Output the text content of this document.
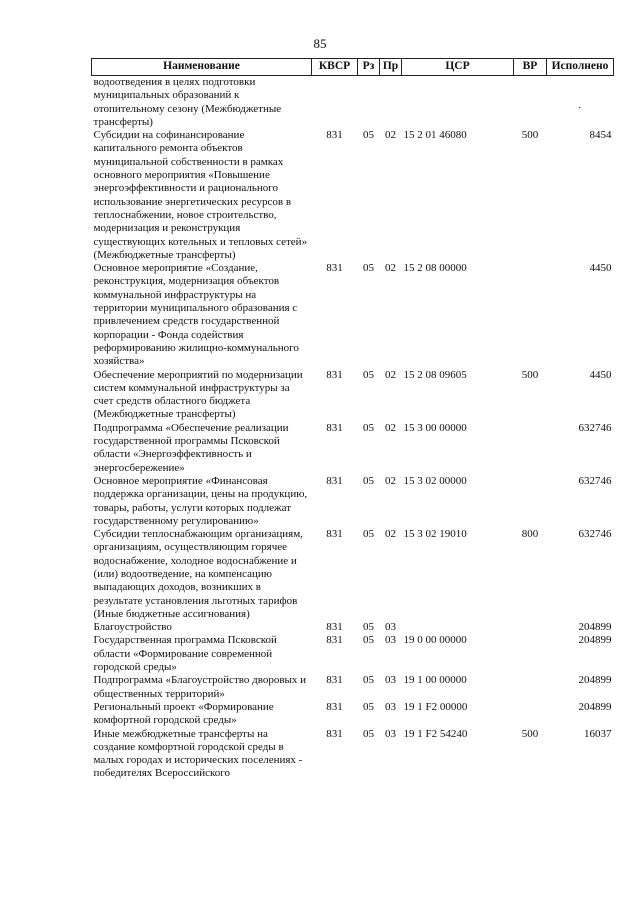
85
Наименование	КВСР	Рз	Пр	ЦСР	ВР	Исполнено
водоотведения в целях подготовки муниципальных образований к отопительному сезону (Межбюджетные трансферты)						·

Субсидии на софинансирование капитального ремонта объектов муниципальной собственности в рамках основного мероприятия «Повышение энергоэффективности и рационального использование энергетических ресурсов в теплоснабжении, новое строительство, модернизация и реконструкция существующих котельных и тепловых сетей» (Межбюджетные трансферты)	831	05	02	15 2 01 46080	500	8454
Основное мероприятие «Создание, реконструкция, модернизация объектов коммунальной инфраструктуры на территории муниципального образования с привлечением средств государственной корпорации - Фонда содействия реформированию жилищно-коммунального хозяйства»	831	05	02	15 2 08 00000		4450
Обеспечение мероприятий по модернизации систем коммунальной инфраструктуры за счет средств областного бюджета (Межбюджетные трансферты)	831	05	02	15 2 08 09605	500	4450
Подпрограмма «Обеспечение реализации государственной программы Псковской области «Энергоэффективность и энергосбережение»	831	05	02	15 3 00 00000		632746
Основное мероприятие «Финансовая поддержка организации, цены на продукцию, товары, работы, услуги которых подлежат государственному регулированию»	831	05	02	15 3 02 00000		632746
Субсидии теплоснабжающим организациям, организациям, осуществляющим горячее водоснабжение, холодное водоснабжение и (или) водоотведение, на компенсацию выпадающих доходов, возникших в результате установления льготных тарифов (Иные бюджетные ассигнования)	831	05	02	15 3 02 19010	800	632746
Благоустройство	831	05	03			204899
Государственная программа Псковской области «Формирование современной городской среды»	831	05	03	19 0 00 00000		204899
Подпрограмма «Благоустройство дворовых и общественных территорий»	831	05	03	19 1 00 00000		204899
Региональный проект «Формирование комфортной городской среды»	831	05	03	19 1 F2 00000		204899
Иные межбюджетные трансферты на создание комфортной городской среды в малых городах и исторических поселениях - победителях Всероссийского	831	05	03	19 1 F2 54240	500	16037
